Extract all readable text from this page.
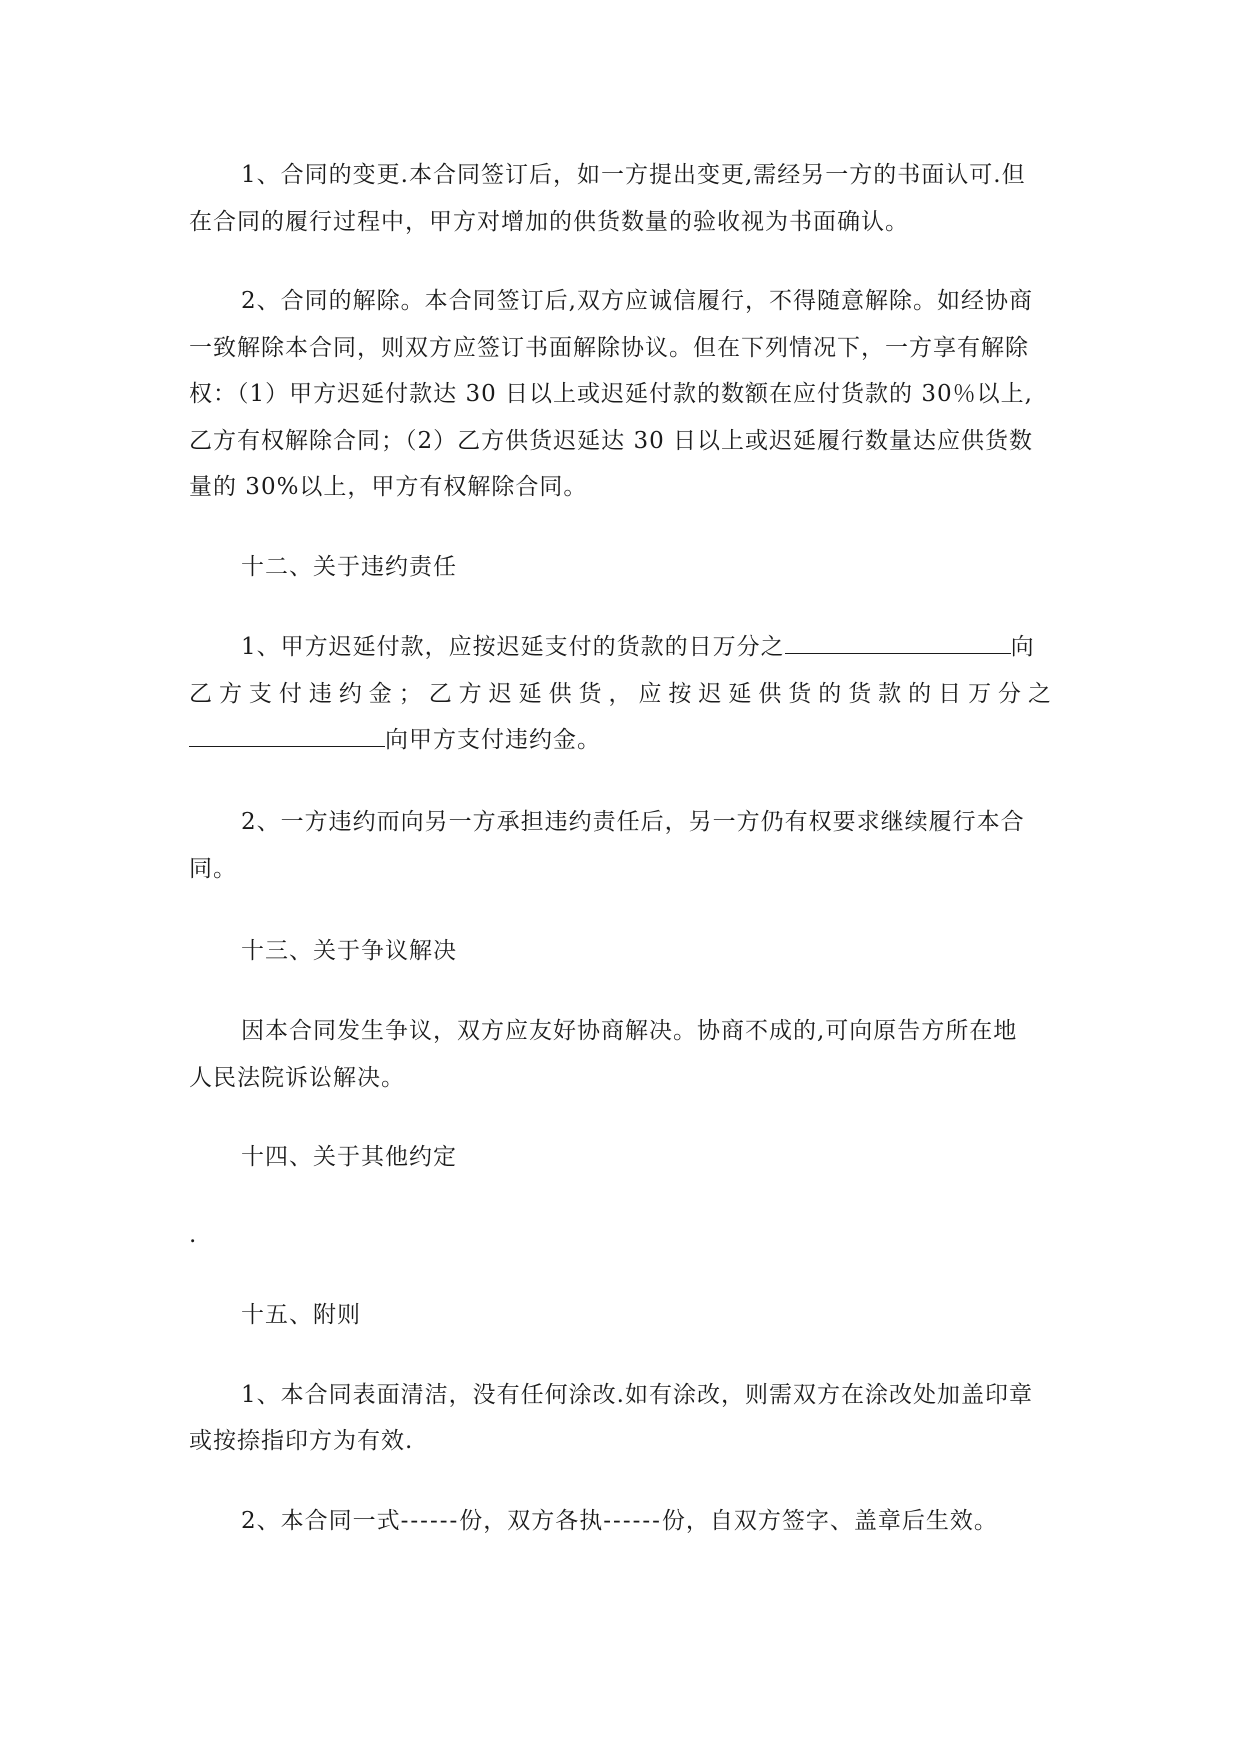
1、合同的变更.本合同签订后，如一方提出变更,需经另一方的书面认可.但
在合同的履行过程中，甲方对增加的供货数量的验收视为书面确认。
2、合同的解除。本合同签订后,双方应诚信履行，不得随意解除。如经协商
一致解除本合同，则双方应签订书面解除协议。但在下列情况下，一方享有解除
权：（1）甲方迟延付款达 30 日以上或迟延付款的数额在应付货款的 30％以上,
乙方有权解除合同；（2）乙方供货迟延达 30 日以上或迟延履行数量达应供货数
量的 30%以上，甲方有权解除合同。
十二、关于违约责任
1、甲方迟延付款，应按迟延支付的货款的日万分之	向
乙方支付违约金；乙方迟延供货，应按迟延供货的货款的日万分之
向甲方支付违约金。
2、一方违约而向另一方承担违约责任后，另一方仍有权要求继续履行本合
同。
十三、关于争议解决
因本合同发生争议，双方应友好协商解决。协商不成的,可向原告方所在地
人民法院诉讼解决。
十四、关于其他约定
.
十五、附则
1、本合同表面清洁，没有任何涂改.如有涂改，则需双方在涂改处加盖印章
或按捺指印方为有效.
2、本合同一式------份，双方各执------份，自双方签字、盖章后生效。
